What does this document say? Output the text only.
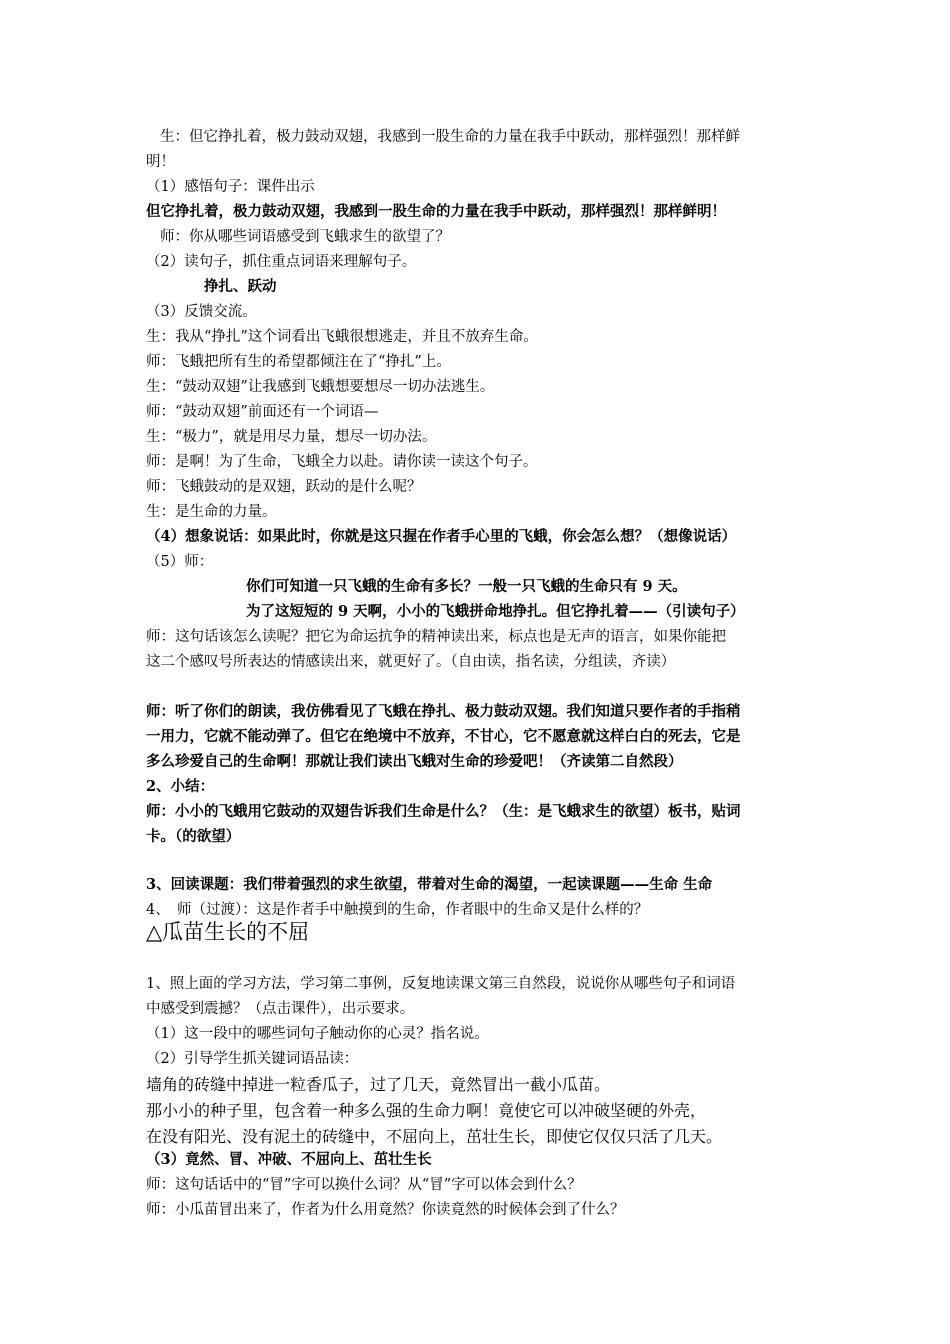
生：但它挣扎着，极力鼓动双翅，我感到一股生命的力量在我手中跃动，那样强烈！那样鲜
明！
（1）感悟句子：课件出示
但它挣扎着，极力鼓动双翅，我感到一股生命的力量在我手中跃动，那样强烈！那样鲜明！
师：你从哪些词语感受到飞蛾求生的欲望了？
（2）读句子，抓住重点词语来理解句子。
挣扎、跃动
（3）反馈交流。
生：我从“挣扎”这个词看出飞蛾很想逃走，并且不放弃生命。
师：飞蛾把所有生的希望都倾注在了“挣扎”上。
生：“鼓动双翅”让我感到飞蛾想要想尽一切办法逃生。
师：“鼓动双翅”前面还有一个词语—
生：“极力”，就是用尽力量，想尽一切办法。
师：是啊！为了生命，飞蛾全力以赴。请你读一读这个句子。
师：飞蛾鼓动的是双翅，跃动的是什么呢？
生：是生命的力量。
（4）想象说话：如果此时，你就是这只握在作者手心里的飞蛾，你会怎么想？（想像说话）
（5）师：
你们可知道一只飞蛾的生命有多长？一般一只飞蛾的生命只有 9 天。
为了这短短的 9 天啊，小小的飞蛾拼命地挣扎。但它挣扎着——（引读句子）
师：这句话该怎么读呢？把它为命运抗争的精神读出来，标点也是无声的语言，如果你能把
这二个感叹号所表达的情感读出来，就更好了。（自由读，指名读，分组读，齐读）
师：听了你们的朗读，我仿佛看见了飞蛾在挣扎、极力鼓动双翅。我们知道只要作者的手指稍
一用力，它就不能动弹了。但它在绝境中不放弃，不甘心，它不愿意就这样白白的死去，它是
多么珍爱自己的生命啊！那就让我们读出飞蛾对生命的珍爱吧！（齐读第二自然段）
2、小结：
师：小小的飞蛾用它鼓动的双翅告诉我们生命是什么？（生：是飞蛾求生的欲望）板书，贴词
卡。（的欲望）
3、回读课题：我们带着强烈的求生欲望，带着对生命的渴望，一起读课题——生命 生命
4、　师（过渡）：这是作者手中触摸到的生命，作者眼中的生命又是什么样的？
△瓜苗生长的不屈
1、照上面的学习方法，学习第二事例，反复地读课文第三自然段，说说你从哪些句子和词语
中感受到震撼？（点击课件），出示要求。
（1）这一段中的哪些词句子触动你的心灵？指名说。
（2）引导学生抓关键词语品读：
墙角的砖缝中掉进一粒香瓜子，过了几天，竟然冒出一截小瓜苗。
那小小的种子里，包含着一种多么强的生命力啊！竟使它可以冲破坚硬的外壳，
在没有阳光、没有泥土的砖缝中，不屈向上，茁壮生长，即使它仅仅只活了几天。
（3）竟然、冒、冲破、不屈向上、茁壮生长
师：这句话话中的“冒”字可以换什么词？从“冒”字可以体会到什么？
师：小瓜苗冒出来了，作者为什么用竟然？你读竟然的时候体会到了什么？
